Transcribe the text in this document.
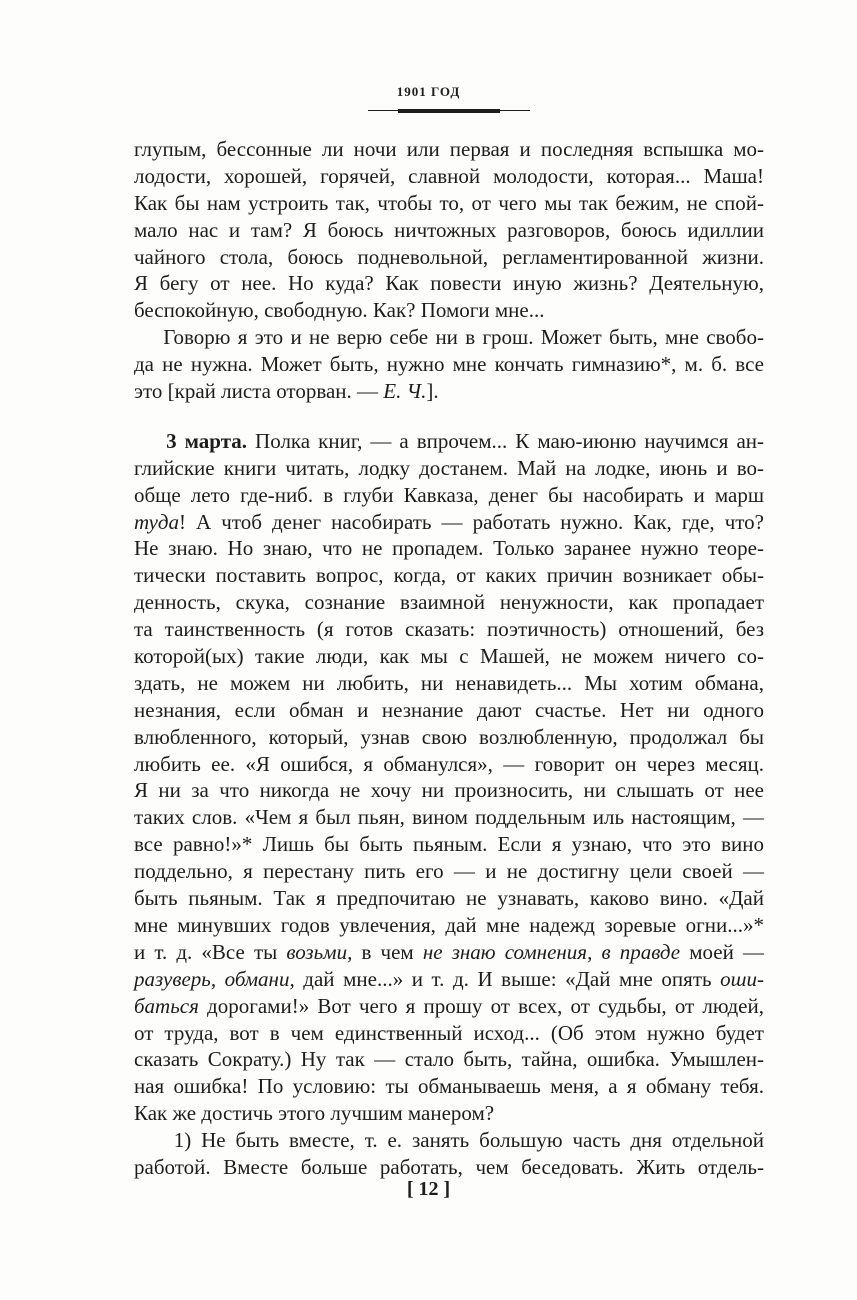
1901 ГОД
глупым, бессонные ли ночи или первая и последняя вспышка мо-
лодости, хорошей, горячей, славной молодости, которая... Маша!
Как бы нам устроить так, чтобы то, от чего мы так бежим, не спой-
мало нас и там? Я боюсь ничтожных разговоров, боюсь идиллии
чайного стола, боюсь подневольной, регламентированной жизни.
Я бегу от нее. Но куда? Как повести иную жизнь? Деятельную,
беспокойную, свободную. Как? Помоги мне...
Говорю я это и не верю себе ни в грош. Может быть, мне свобо-
да не нужна. Может быть, нужно мне кончать гимназию*, м. б. все
это [край листа оторван. — Е. Ч.].
3 марта. Полка книг, — а впрочем... К маю-июню научимся ан-
глийские книги читать, лодку достанем. Май на лодке, июнь и во-
обще лето где-ниб. в глуби Кавказа, денег бы насобирать и марш
туда! А чтоб денег насобирать — работать нужно. Как, где, что?
Не знаю. Но знаю, что не пропадем. Только заранее нужно теоре-
тически поставить вопрос, когда, от каких причин возникает обы-
денность, скука, сознание взаимной ненужности, как пропадает
та таинственность (я готов сказать: поэтичность) отношений, без
которой(ых) такие люди, как мы с Машей, не можем ничего со-
здать, не можем ни любить, ни ненавидеть... Мы хотим обмана,
незнания, если обман и незнание дают счастье. Нет ни одного
влюбленного, который, узнав свою возлюбленную, продолжал бы
любить ее. «Я ошибся, я обманулся», — говорит он через месяц.
Я ни за что никогда не хочу ни произносить, ни слышать от нее
таких слов. «Чем я был пьян, вином поддельным иль настоящим, —
все равно!»* Лишь бы быть пьяным. Если я узнаю, что это вино
поддельно, я перестану пить его — и не достигну цели своей —
быть пьяным. Так я предпочитаю не узнавать, каково вино. «Дай
мне минувших годов увлечения, дай мне надежд зоревые огни...»*
и т. д. «Все ты возьми, в чем не знаю сомнения, в правде моей —
разуверь, обмани, дай мне...» и т. д. И выше: «Дай мне опять оши-
баться дорогами!» Вот чего я прошу от всех, от судьбы, от людей,
от труда, вот в чем единственный исход... (Об этом нужно будет
сказать Сократу.) Ну так — стало быть, тайна, ошибка. Умышлен-
ная ошибка! По условию: ты обманываешь меня, а я обману тебя.
Как же достичь этого лучшим манером?
1) Не быть вместе, т. е. занять большую часть дня отдельной
работой. Вместе больше работать, чем беседовать. Жить отдель-
[ 12 ]
